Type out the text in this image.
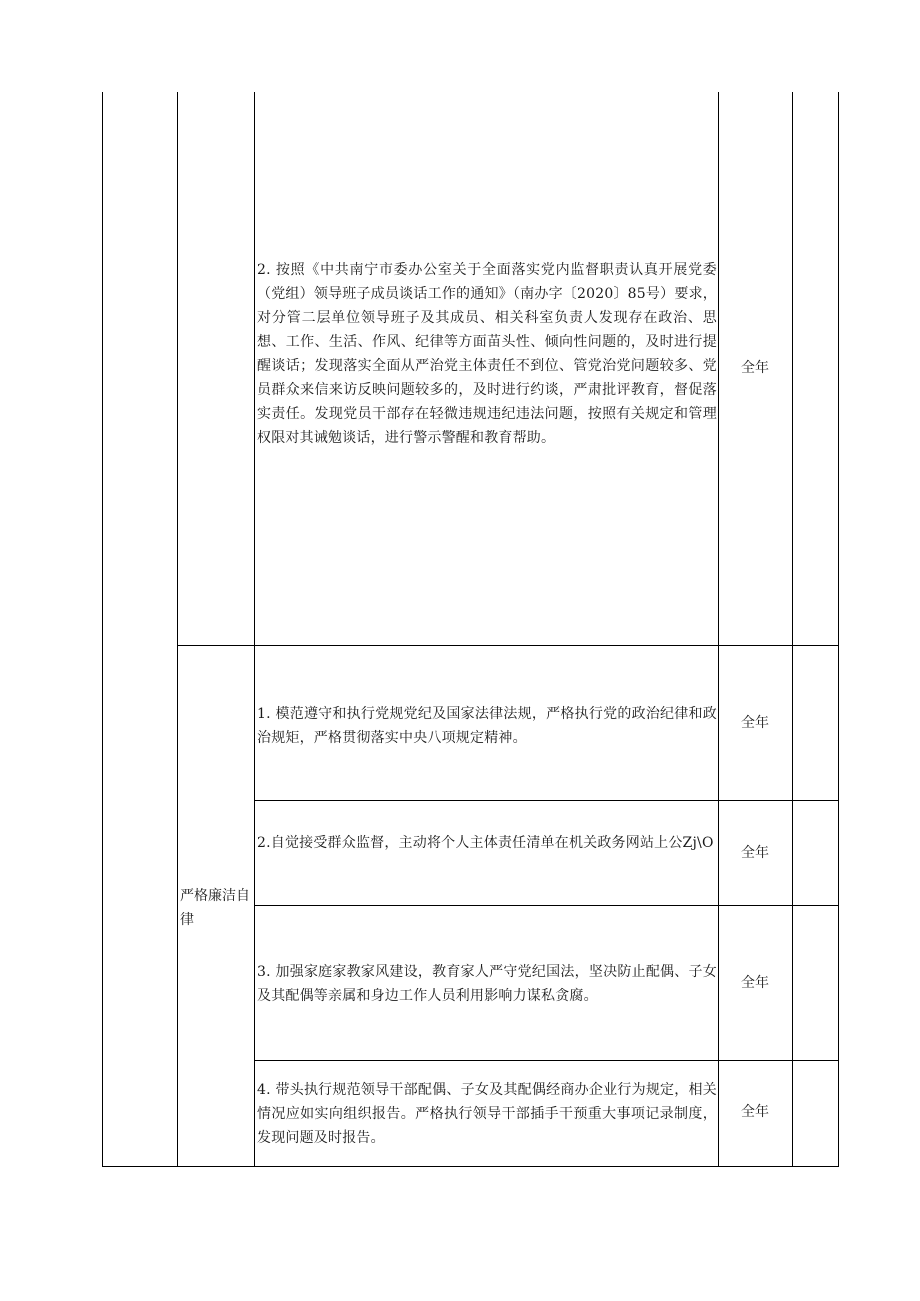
严格廉洁自律
2. 按照《中共南宁市委办公室关于全面落实党内监督职责认真开展党委（党组）领导班子成员谈话工作的通知》（南办字〔2020〕85号）要求，对分管二层单位领导班子及其成员、相关科室负责人发现存在政治、思想、工作、生活、作风、纪律等方面苗头性、倾向性问题的，及时进行提醒谈话；发现落实全面从严治党主体责任不到位、管党治党问题较多、党员群众来信来访反映问题较多的，及时进行约谈，严肃批评教育，督促落实责任。发现党员干部存在轻微违规违纪违法问题，按照有关规定和管理权限对其诫勉谈话，进行警示警醒和教育帮助。
全年
1. 模范遵守和执行党规党纪及国家法律法规，严格执行党的政治纪律和政治规矩，严格贯彻落实中央八项规定精神。
全年
2.自觉接受群众监督，主动将个人主体责任清单在机关政务网站上公Zj\O
全年
3. 加强家庭家教家风建设，教育家人严守党纪国法，坚决防止配偶、子女及其配偶等亲属和身边工作人员利用影响力谋私贪腐。
全年
4. 带头执行规范领导干部配偶、子女及其配偶经商办企业行为规定，相关情况应如实向组织报告。严格执行领导干部插手干预重大事项记录制度，发现问题及时报告。
全年
